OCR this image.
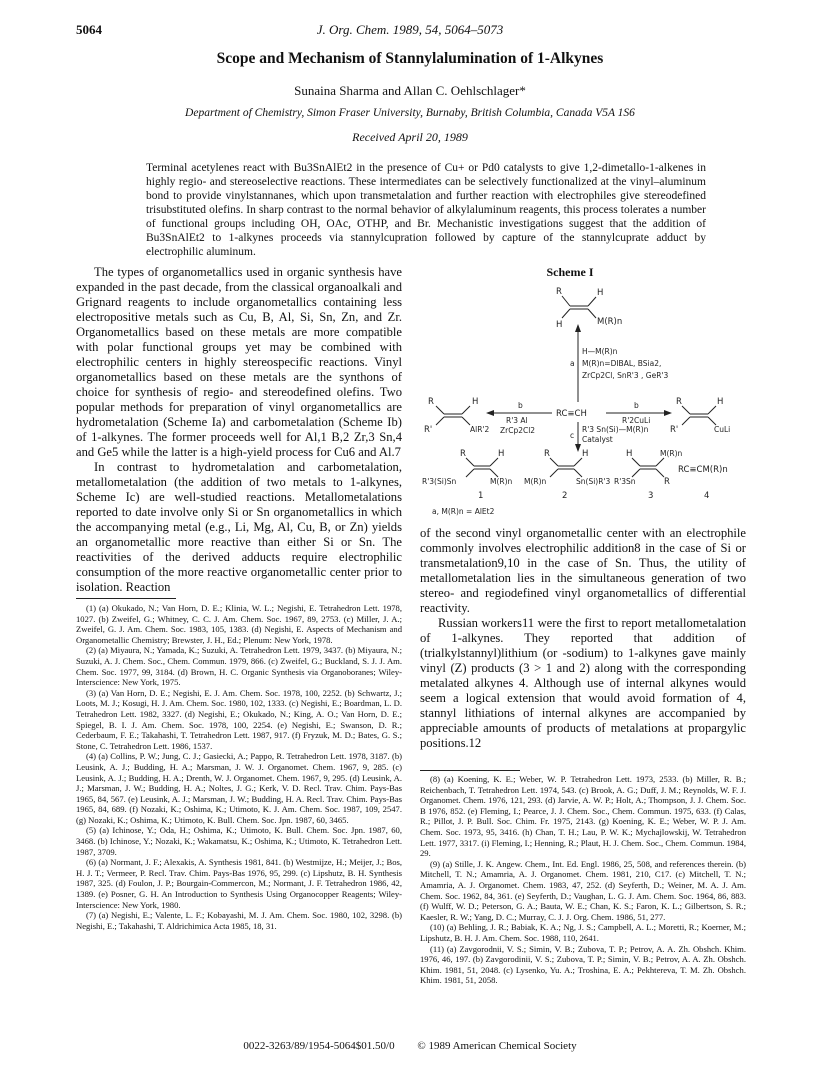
5064	J. Org. Chem. 1989, 54, 5064–5073
Scope and Mechanism of Stannylalumination of 1-Alkynes
Sunaina Sharma and Allan C. Oehlschlager*
Department of Chemistry, Simon Fraser University, Burnaby, British Columbia, Canada V5A 1S6
Received April 20, 1989
Terminal acetylenes react with Bu3SnAlEt2 in the presence of Cu+ or Pd0 catalysts to give 1,2-dimetallo-1-alkenes in highly regio- and stereoselective reactions. These intermediates can be selectively functionalized at the vinyl–aluminum bond to provide vinylstannanes, which upon transmetalation and further reaction with electrophiles give stereodefined trisubstituted olefins. In sharp contrast to the normal behavior of alkylaluminum reagents, this process tolerates a number of functional groups including OH, OAc, OTHP, and Br. Mechanistic investigations suggest that the addition of Bu3SnAlEt2 to 1-alkynes proceeds via stannylcupration followed by capture of the stannylcuprate adduct by electrophilic aluminum.

The types of organometallics used in organic synthesis have expanded in the past decade, from the classical organoalkali and Grignard reagents to include organometallics containing less electropositive metals such as Cu, B, Al, Si, Sn, Zn, and Zr. Organometallics based on these metals are more compatible with polar functional groups yet may be combined with electrophilic centers in highly stereospecific reactions. Vinyl organometallics based on these metals are the synthons of choice for synthesis of regio- and stereodefined olefins. Two popular methods for preparation of vinyl organometallics are hydrometalation (Scheme Ia) and carbometalation (Scheme Ib) of 1-alkynes. The former proceeds well for Al,1 B,2 Zr,3 Sn,4 and Ge5 while the latter is a high-yield process for Cu6 and Al.7

In contrast to hydrometalation and carbometalation, metallometalation (the addition of two metals to 1-alkynes, Scheme Ic) are well-studied reactions. Metallometalations reported to date involve only Si or Sn organometallics in which the accompanying metal (e.g., Li, Mg, Al, Cu, B, or Zn) yields an organometallic more reactive than either Si or Sn. The reactivities of the derived adducts require electrophilic consumption of the more reactive organometallic center prior to isolation. Reaction

(1) (a) Okukado, N.; Van Horn, D. E.; Klinia, W. L.; Negishi, E. Tetrahedron Lett. 1978, 1027. (b) Zweifel, G.; Whitney, C. C. J. Am. Chem. Soc. 1967, 89, 2753. (c) Miller, J. A.; Zweifel, G. J. Am. Chem. Soc. 1983, 105, 1383. (d) Negishi, E. Aspects of Mechanism and Organometallic Chemistry; Brewster, J. H., Ed.; Plenum: New York, 1978.

(2) (a) Miyaura, N.; Yamada, K.; Suzuki, A. Tetrahedron Lett. 1979, 3437. (b) Miyaura, N.; Suzuki, A. J. Chem. Soc., Chem. Commun. 1979, 866. (c) Zweifel, G.; Buckland, S. J. J. Am. Chem. Soc. 1977, 99, 3184. (d) Brown, H. C. Organic Synthesis via Organoboranes; Wiley-Interscience: New York, 1975.

(3) (a) Van Horn, D. E.; Negishi, E. J. Am. Chem. Soc. 1978, 100, 2252. (b) Schwartz, J.; Loots, M. J.; Kosugi, H. J. Am. Chem. Soc. 1980, 102, 1333. (c) Negishi, E.; Boardman, L. D. Tetrahedron Lett. 1982, 3327. (d) Negishi, E.; Okukado, N.; King, A. O.; Van Horn, D. E.; Spiegel, B. I. J. Am. Chem. Soc. 1978, 100, 2254. (e) Negishi, E.; Swanson, D. R.; Cederbaum, F. E.; Takahashi, T. Tetrahedron Lett. 1987, 917. (f) Fryzuk, M. D.; Bates, G. S.; Stone, C. Tetrahedron Lett. 1986, 1537.

(4) (a) Collins, P. W.; Jung, C. J.; Gasiecki, A.; Pappo, R. Tetrahedron Lett. 1978, 3187. (b) Leusink, A. J.; Budding, H. A.; Marsman, J. W. J. Organomet. Chem. 1967, 9, 285. (c) Leusink, A. J.; Budding, H. A.; Drenth, W. J. Organomet. Chem. 1967, 9, 295. (d) Leusink, A. J.; Marsman, J. W.; Budding, H. A.; Noltes, J. G.; Kerk, V. D. Recl. Trav. Chim. Pays-Bas 1965, 84, 567. (e) Leusink, A. J.; Marsman, J. W.; Budding, H. A. Recl. Trav. Chim. Pays-Bas 1965, 84, 689. (f) Nozaki, K.; Oshima, K.; Utimoto, K. J. Am. Chem. Soc. 1987, 109, 2547. (g) Nozaki, K.; Oshima, K.; Utimoto, K. Bull. Chem. Soc. Jpn. 1987, 60, 3465.

(5) (a) Ichinose, Y.; Oda, H.; Oshima, K.; Utimoto, K. Bull. Chem. Soc. Jpn. 1987, 60, 3468. (b) Ichinose, Y.; Nozaki, K.; Wakamatsu, K.; Oshima, K.; Utimoto, K. Tetrahedron Lett. 1987, 3709.

(6) (a) Normant, J. F.; Alexakis, A. Synthesis 1981, 841. (b) Westmijze, H.; Meijer, J.; Bos, H. J. T.; Vermeer, P. Recl. Trav. Chim. Pays-Bas 1976, 95, 299. (c) Lipshutz, B. H. Synthesis 1987, 325. (d) Foulon, J. P.; Bourgain-Commercon, M.; Normant, J. F. Tetrahedron 1986, 42, 1389. (e) Posner, G. H. An Introduction to Synthesis Using Organocopper Reagents; Wiley-Interscience: New York, 1980.

(7) (a) Negishi, E.; Valente, L. F.; Kobayashi, M. J. Am. Chem. Soc. 1980, 102, 3298. (b) Negishi, E.; Takahashi, T. Aldrichimica Acta 1985, 18, 31.

Scheme I
R	H
H	M(R)n
a
H—M(R)n
M(R)n=DIBAL, BSia2,
ZrCp2Cl, SnR'3 , GeR'3
RC≡CH
b
R'3 Al
ZrCp2Cl2
b
R'2CuLi
R	H
R'	AlR'2
R	H
R'	CuLi
c
R'3 Sn(Si)—M(R)n
Catalyst
R	H
R'3(Si)Sn	M(R)n
1
R	H
M(R)n	Sn(Si)R'3
2
H	M(R)n
R'3Sn	R
3
RC≡CM(R)n
4
a, M(R)n = AlEt2

of the second vinyl organometallic center with an electrophile commonly involves electrophilic addition8 in the case of Si or transmetalation9,10 in the case of Sn. Thus, the utility of metallometalation lies in the simultaneous generation of two stereo- and regiodefined vinyl organometallics of differential reactivity.

Russian workers11 were the first to report metallometalation of 1-alkynes. They reported that addition of (trialkylstannyl)lithium (or -sodium) to 1-alkynes gave mainly vinyl (Z) products (3 > 1 and 2) along with the corresponding metalated alkynes 4. Although use of internal alkynes would seem a logical extension that would avoid formation of 4, stannyl lithiations of internal alkynes are accompanied by appreciable amounts of products of metalations at propargylic positions.12

(8) (a) Koening, K. E.; Weber, W. P. Tetrahedron Lett. 1973, 2533. (b) Miller, R. B.; Reichenbach, T. Tetrahedron Lett. 1974, 543. (c) Brook, A. G.; Duff, J. M.; Reynolds, W. F. J. Organomet. Chem. 1976, 121, 293. (d) Jarvie, A. W. P.; Holt, A.; Thompson, J. J. Chem. Soc. B 1976, 852. (e) Fleming, I.; Pearce, J. J. Chem. Soc., Chem. Commun. 1975, 633. (f) Calas, R.; Pillot, J. P. Bull. Soc. Chim. Fr. 1975, 2143. (g) Koening, K. E.; Weber, W. P. J. Am. Chem. Soc. 1973, 95, 3416. (h) Chan, T. H.; Lau, P. W. K.; Mychajlowskij, W. Tetrahedron Lett. 1977, 3317. (i) Fleming, I.; Henning, R.; Plaut, H. J. Chem. Soc., Chem. Commun. 1984, 29.

(9) (a) Stille, J. K. Angew. Chem., Int. Ed. Engl. 1986, 25, 508, and references therein. (b) Mitchell, T. N.; Amamria, A. J. Organomet. Chem. 1981, 210, C17. (c) Mitchell, T. N.; Amamria, A. J. Organomet. Chem. 1983, 47, 252. (d) Seyferth, D.; Weiner, M. A. J. Am. Chem. Soc. 1962, 84, 361. (e) Seyferth, D.; Vaughan, L. G. J. Am. Chem. Soc. 1964, 86, 883. (f) Wulff, W. D.; Peterson, G. A.; Bauta, W. E.; Chan, K. S.; Faron, K. L.; Gilbertson, S. R.; Kaesler, R. W.; Yang, D. C.; Murray, C. J. J. Org. Chem. 1986, 51, 277.

(10) (a) Behling, J. R.; Babiak, K. A.; Ng, J. S.; Campbell, A. L.; Moretti, R.; Koerner, M.; Lipshutz, B. H. J. Am. Chem. Soc. 1988, 110, 2641.

(11) (a) Zavgorodnii, V. S.; Simin, V. B.; Zubova, T. P.; Petrov, A. A. Zh. Obshch. Khim. 1976, 46, 197. (b) Zavgorodinii, V. S.; Zubova, T. P.; Simin, V. B.; Petrov, A. A. Zh. Obshch. Khim. 1981, 51, 2048. (c) Lysenko, Yu. A.; Troshina, E. A.; Pekhtereva, T. M. Zh. Obshch. Khim. 1981, 51, 2058.

0022-3263/89/1954-5064$01.50/0 © 1989 American Chemical Society
